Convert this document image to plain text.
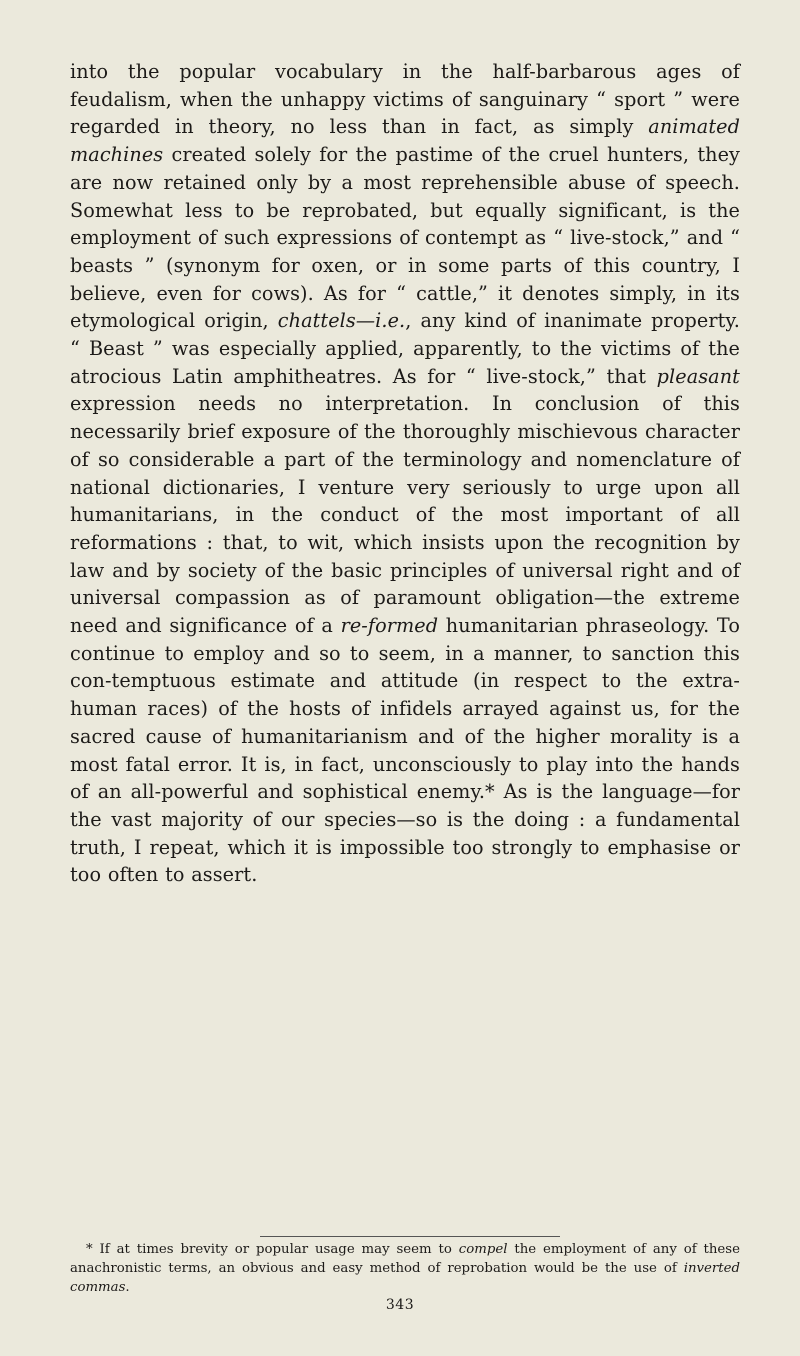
into the popular vocabulary in the half-barbarous ages of feudalism, when the unhappy victims of sanguinary “ sport ” were regarded in theory, no less than in fact, as simply animated machines created solely for the pastime of the cruel hunters, they are now retained only by a most reprehensible abuse of speech. Somewhat less to be reprobated, but equally significant, is the employment of such expressions of contempt as “ live-stock,” and “ beasts ” (synonym for oxen, or in some parts of this country, I believe, even for cows). As for “ cattle,” it denotes simply, in its etymological origin, chattels—i.e., any kind of inanimate property. “ Beast ” was especially applied, apparently, to the victims of the atrocious Latin amphitheatres. As for “ live-stock,” that pleasant expression needs no interpretation. In conclusion of this necessarily brief exposure of the thoroughly mischievous character of so considerable a part of the terminology and nomenclature of national dictionaries, I venture very seriously to urge upon all humanitarians, in the conduct of the most important of all reformations : that, to wit, which insists upon the recognition by law and by society of the basic principles of universal right and of universal compassion as of paramount obligation—the extreme need and significance of a re-formed humanitarian phraseology. To continue to employ and so to seem, in a manner, to sanction this con-temptuous estimate and attitude (in respect to the extra-human races) of the hosts of infidels arrayed against us, for the sacred cause of humanitarianism and of the higher morality is a most fatal error. It is, in fact, unconsciously to play into the hands of an all-powerful and sophistical enemy.* As is the language—for the vast majority of our species—so is the doing : a fundamental truth, I repeat, which it is impossible too strongly to emphasise or too often to assert.

* If at times brevity or popular usage may seem to compel the employment of any of these anachronistic terms, an obvious and easy method of reprobation would be the use of inverted commas.

343
